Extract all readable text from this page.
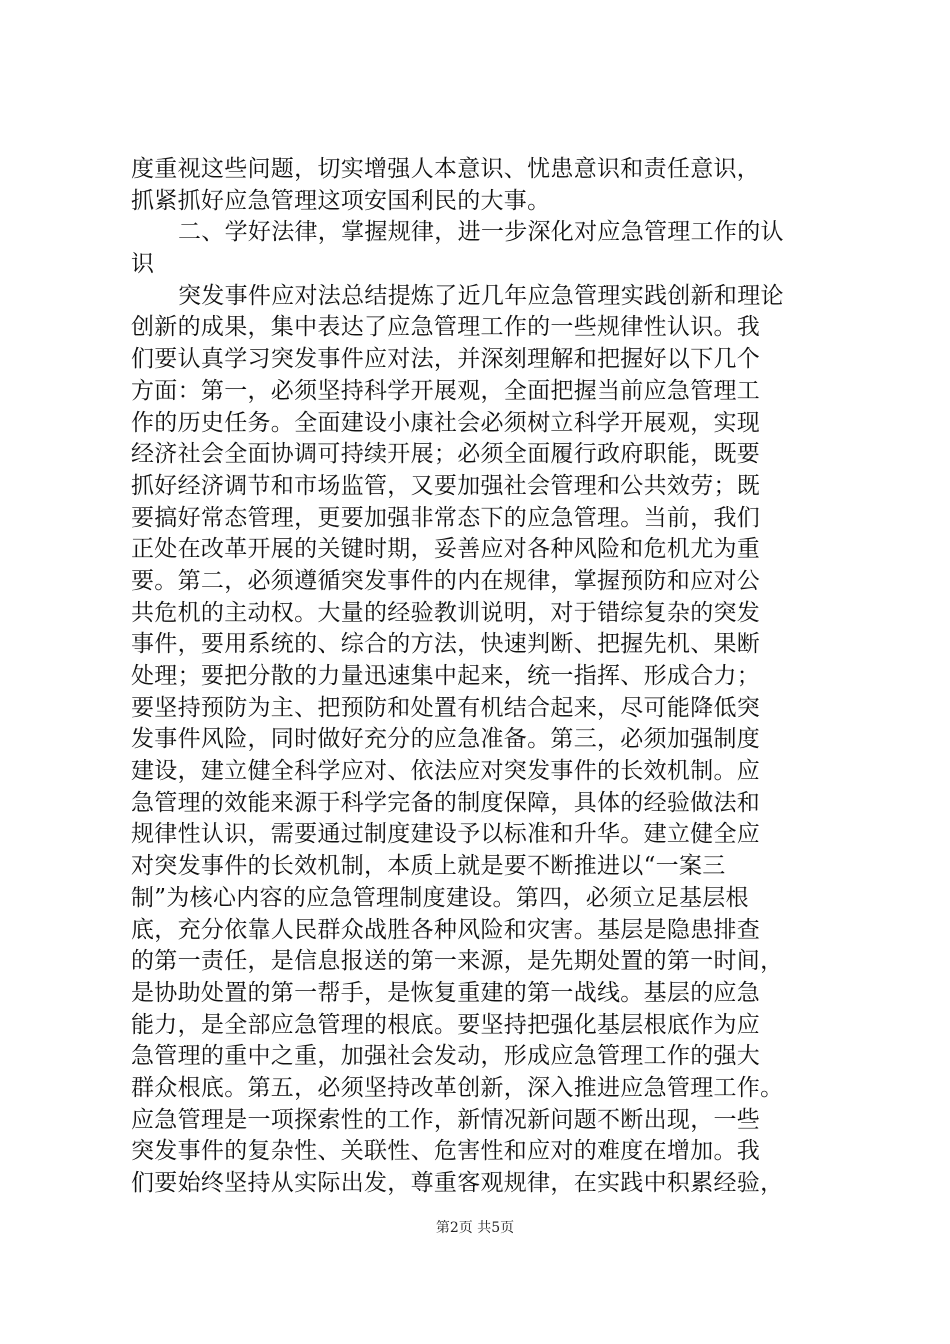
度重视这些问题，切实增强人本意识、忧患意识和责任意识，
抓紧抓好应急管理这项安国利民的大事。
二、学好法律，掌握规律，进一步深化对应急管理工作的认
识
突发事件应对法总结提炼了近几年应急管理实践创新和理论
创新的成果，集中表达了应急管理工作的一些规律性认识。我
们要认真学习突发事件应对法，并深刻理解和把握好以下几个
方面：第一，必须坚持科学开展观，全面把握当前应急管理工
作的历史任务。全面建设小康社会必须树立科学开展观，实现
经济社会全面协调可持续开展；必须全面履行政府职能，既要
抓好经济调节和市场监管，又要加强社会管理和公共效劳；既
要搞好常态管理，更要加强非常态下的应急管理。当前，我们
正处在改革开展的关键时期，妥善应对各种风险和危机尤为重
要。第二，必须遵循突发事件的内在规律，掌握预防和应对公
共危机的主动权。大量的经验教训说明，对于错综复杂的突发
事件，要用系统的、综合的方法，快速判断、把握先机、果断
处理；要把分散的力量迅速集中起来，统一指挥、形成合力；
要坚持预防为主、把预防和处置有机结合起来，尽可能降低突
发事件风险，同时做好充分的应急准备。第三，必须加强制度
建设，建立健全科学应对、依法应对突发事件的长效机制。应
急管理的效能来源于科学完备的制度保障，具体的经验做法和
规律性认识，需要通过制度建设予以标准和升华。建立健全应
对突发事件的长效机制，本质上就是要不断推进以“一案三
制”为核心内容的应急管理制度建设。第四，必须立足基层根
底，充分依靠人民群众战胜各种风险和灾害。基层是隐患排查
的第一责任，是信息报送的第一来源，是先期处置的第一时间，
是协助处置的第一帮手，是恢复重建的第一战线。基层的应急
能力，是全部应急管理的根底。要坚持把强化基层根底作为应
急管理的重中之重，加强社会发动，形成应急管理工作的强大
群众根底。第五，必须坚持改革创新，深入推进应急管理工作。
应急管理是一项探索性的工作，新情况新问题不断出现，一些
突发事件的复杂性、关联性、危害性和应对的难度在增加。我
们要始终坚持从实际出发，尊重客观规律，在实践中积累经验，
第2页 共5页
